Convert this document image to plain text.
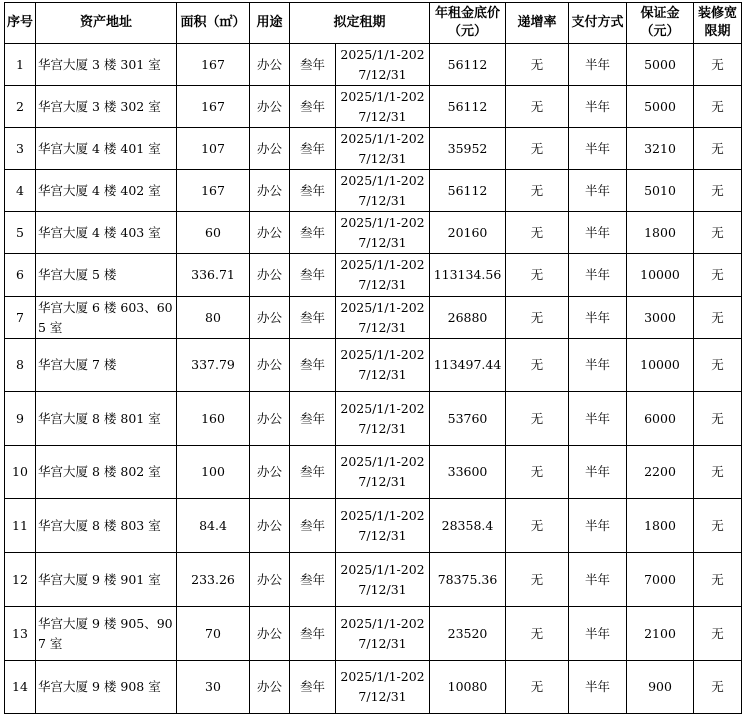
序号	资产地址	面积（㎡）	用途	拟定租期		年租金底价（元）	递增率	支付方式	保证金（元）	装修宽限期
1	华宫大厦 3 楼 301 室	167	办公	叁年	2025/1/1-2027/12/31	56112	无	半年	5000	无
2	华宫大厦 3 楼 302 室	167	办公	叁年	2025/1/1-2027/12/31	56112	无	半年	5000	无
3	华宫大厦 4 楼 401 室	107	办公	叁年	2025/1/1-2027/12/31	35952	无	半年	3210	无
4	华宫大厦 4 楼 402 室	167	办公	叁年	2025/1/1-2027/12/31	56112	无	半年	5010	无
5	华宫大厦 4 楼 403 室	60	办公	叁年	2025/1/1-2027/12/31	20160	无	半年	1800	无
6	华宫大厦 5 楼	336.71	办公	叁年	2025/1/1-2027/12/31	113134.56	无	半年	10000	无
7	华宫大厦 6 楼 603、605 室	80	办公	叁年	2025/1/1-2027/12/31	26880	无	半年	3000	无
8	华宫大厦 7 楼	337.79	办公	叁年	2025/1/1-2027/12/31	113497.44	无	半年	10000	无
9	华宫大厦 8 楼 801 室	160	办公	叁年	2025/1/1-2027/12/31	53760	无	半年	6000	无
10	华宫大厦 8 楼 802 室	100	办公	叁年	2025/1/1-2027/12/31	33600	无	半年	2200	无
11	华宫大厦 8 楼 803 室	84.4	办公	叁年	2025/1/1-2027/12/31	28358.4	无	半年	1800	无
12	华宫大厦 9 楼 901 室	233.26	办公	叁年	2025/1/1-2027/12/31	78375.36	无	半年	7000	无
13	华宫大厦 9 楼 905、907 室	70	办公	叁年	2025/1/1-2027/12/31	23520	无	半年	2100	无
14	华宫大厦 9 楼 908 室	30	办公	叁年	2025/1/1-2027/12/31	10080	无	半年	900	无
